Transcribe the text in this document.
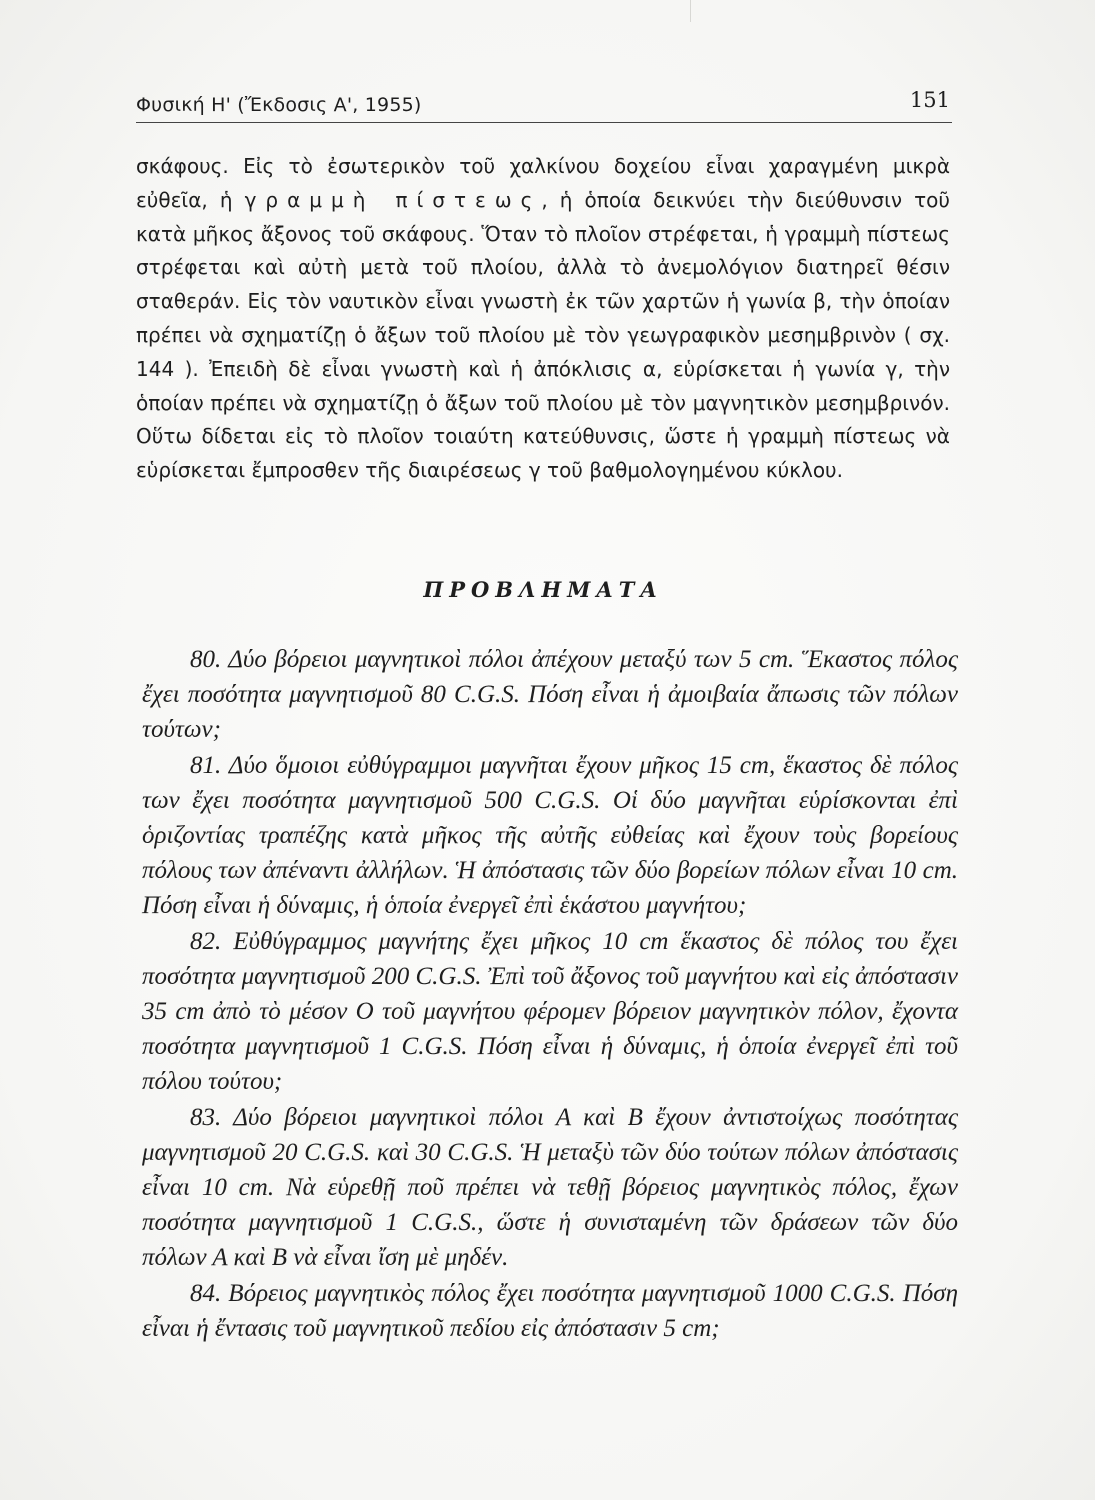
Φυσική Η' (Ἔκδοσις Α', 1955)	151

σκάφους. Εἰς τὸ ἐσωτερικὸν τοῦ χαλκίνου δοχείου εἶναι χαραγμένη μικρὰ εὐθεῖα, ἡ γραμμὴ πίστεως, ἡ ὁποία δεικνύει τὴν διεύθυνσιν τοῦ κατὰ μῆκος ἄξονος τοῦ σκάφους. Ὅταν τὸ πλοῖον στρέφεται, ἡ γραμμὴ πίστεως στρέφεται καὶ αὐτὴ μετὰ τοῦ πλοίου, ἀλλὰ τὸ ἀνεμολόγιον διατηρεῖ θέσιν σταθεράν. Εἰς τὸν ναυτικὸν εἶναι γνωστὴ ἐκ τῶν χαρτῶν ἡ γωνία β, τὴν ὁποίαν πρέπει νὰ σχηματίζῃ ὁ ἄξων τοῦ πλοίου μὲ τὸν γεωγραφικὸν μεσημβρινὸν ( σχ. 144 ). Ἐπειδὴ δὲ εἶναι γνωστὴ καὶ ἡ ἀπόκλισις α, εὑρίσκεται ἡ γωνία γ, τὴν ὁποίαν πρέπει νὰ σχηματίζῃ ὁ ἄξων τοῦ πλοίου μὲ τὸν μαγνητικὸν μεσημβρινόν. Οὕτω δίδεται εἰς τὸ πλοῖον τοιαύτη κατεύθυνσις, ὥστε ἡ γραμμὴ πίστεως νὰ εὑρίσκεται ἔμπροσθεν τῆς διαιρέσεως γ τοῦ βαθμολογημένου κύκλου.

ΠΡΟΒΛΗΜΑΤΑ

80. Δύο βόρειοι μαγνητικοὶ πόλοι ἀπέχουν μεταξύ των 5 cm. Ἕκαστος πόλος ἔχει ποσότητα μαγνητισμοῦ 80 C.G.S. Πόση εἶναι ἡ ἀμοιβαία ἄπωσις τῶν πόλων τούτων;

81. Δύο ὅμοιοι εὐθύγραμμοι μαγνῆται ἔχουν μῆκος 15 cm, ἕκαστος δὲ πόλος των ἔχει ποσότητα μαγνητισμοῦ 500 C.G.S. Οἱ δύο μαγνῆται εὑρίσκονται ἐπὶ ὁριζοντίας τραπέζης κατὰ μῆκος τῆς αὐτῆς εὐθείας καὶ ἔχουν τοὺς βορείους πόλους των ἀπέναντι ἀλλήλων. Ἡ ἀπόστασις τῶν δύο βορείων πόλων εἶναι 10 cm. Πόση εἶναι ἡ δύναμις, ἡ ὁποία ἐνεργεῖ ἐπὶ ἑκάστου μαγνήτου;

82. Εὐθύγραμμος μαγνήτης ἔχει μῆκος 10 cm ἕκαστος δὲ πόλος του ἔχει ποσότητα μαγνητισμοῦ 200 C.G.S. Ἐπὶ τοῦ ἄξονος τοῦ μαγνήτου καὶ εἰς ἀπόστασιν 35 cm ἀπὸ τὸ μέσον Ο τοῦ μαγνήτου φέρομεν βόρειον μαγνητικὸν πόλον, ἔχοντα ποσότητα μαγνητισμοῦ 1 C.G.S. Πόση εἶναι ἡ δύναμις, ἡ ὁποία ἐνεργεῖ ἐπὶ τοῦ πόλου τούτου;

83. Δύο βόρειοι μαγνητικοὶ πόλοι Α καὶ Β ἔχουν ἀντιστοίχως ποσότητας μαγνητισμοῦ 20 C.G.S. καὶ 30 C.G.S. Ἡ μεταξὺ τῶν δύο τούτων πόλων ἀπόστασις εἶναι 10 cm. Νὰ εὑρεθῇ ποῦ πρέπει νὰ τεθῇ βόρειος μαγνητικὸς πόλος, ἔχων ποσότητα μαγνητισμοῦ 1 C.G.S., ὥστε ἡ συνισταμένη τῶν δράσεων τῶν δύο πόλων Α καὶ Β νὰ εἶναι ἴση μὲ μηδέν.

84. Βόρειος μαγνητικὸς πόλος ἔχει ποσότητα μαγνητισμοῦ 1000 C.G.S. Πόση εἶναι ἡ ἔντασις τοῦ μαγνητικοῦ πεδίου εἰς ἀπόστασιν 5 cm;
